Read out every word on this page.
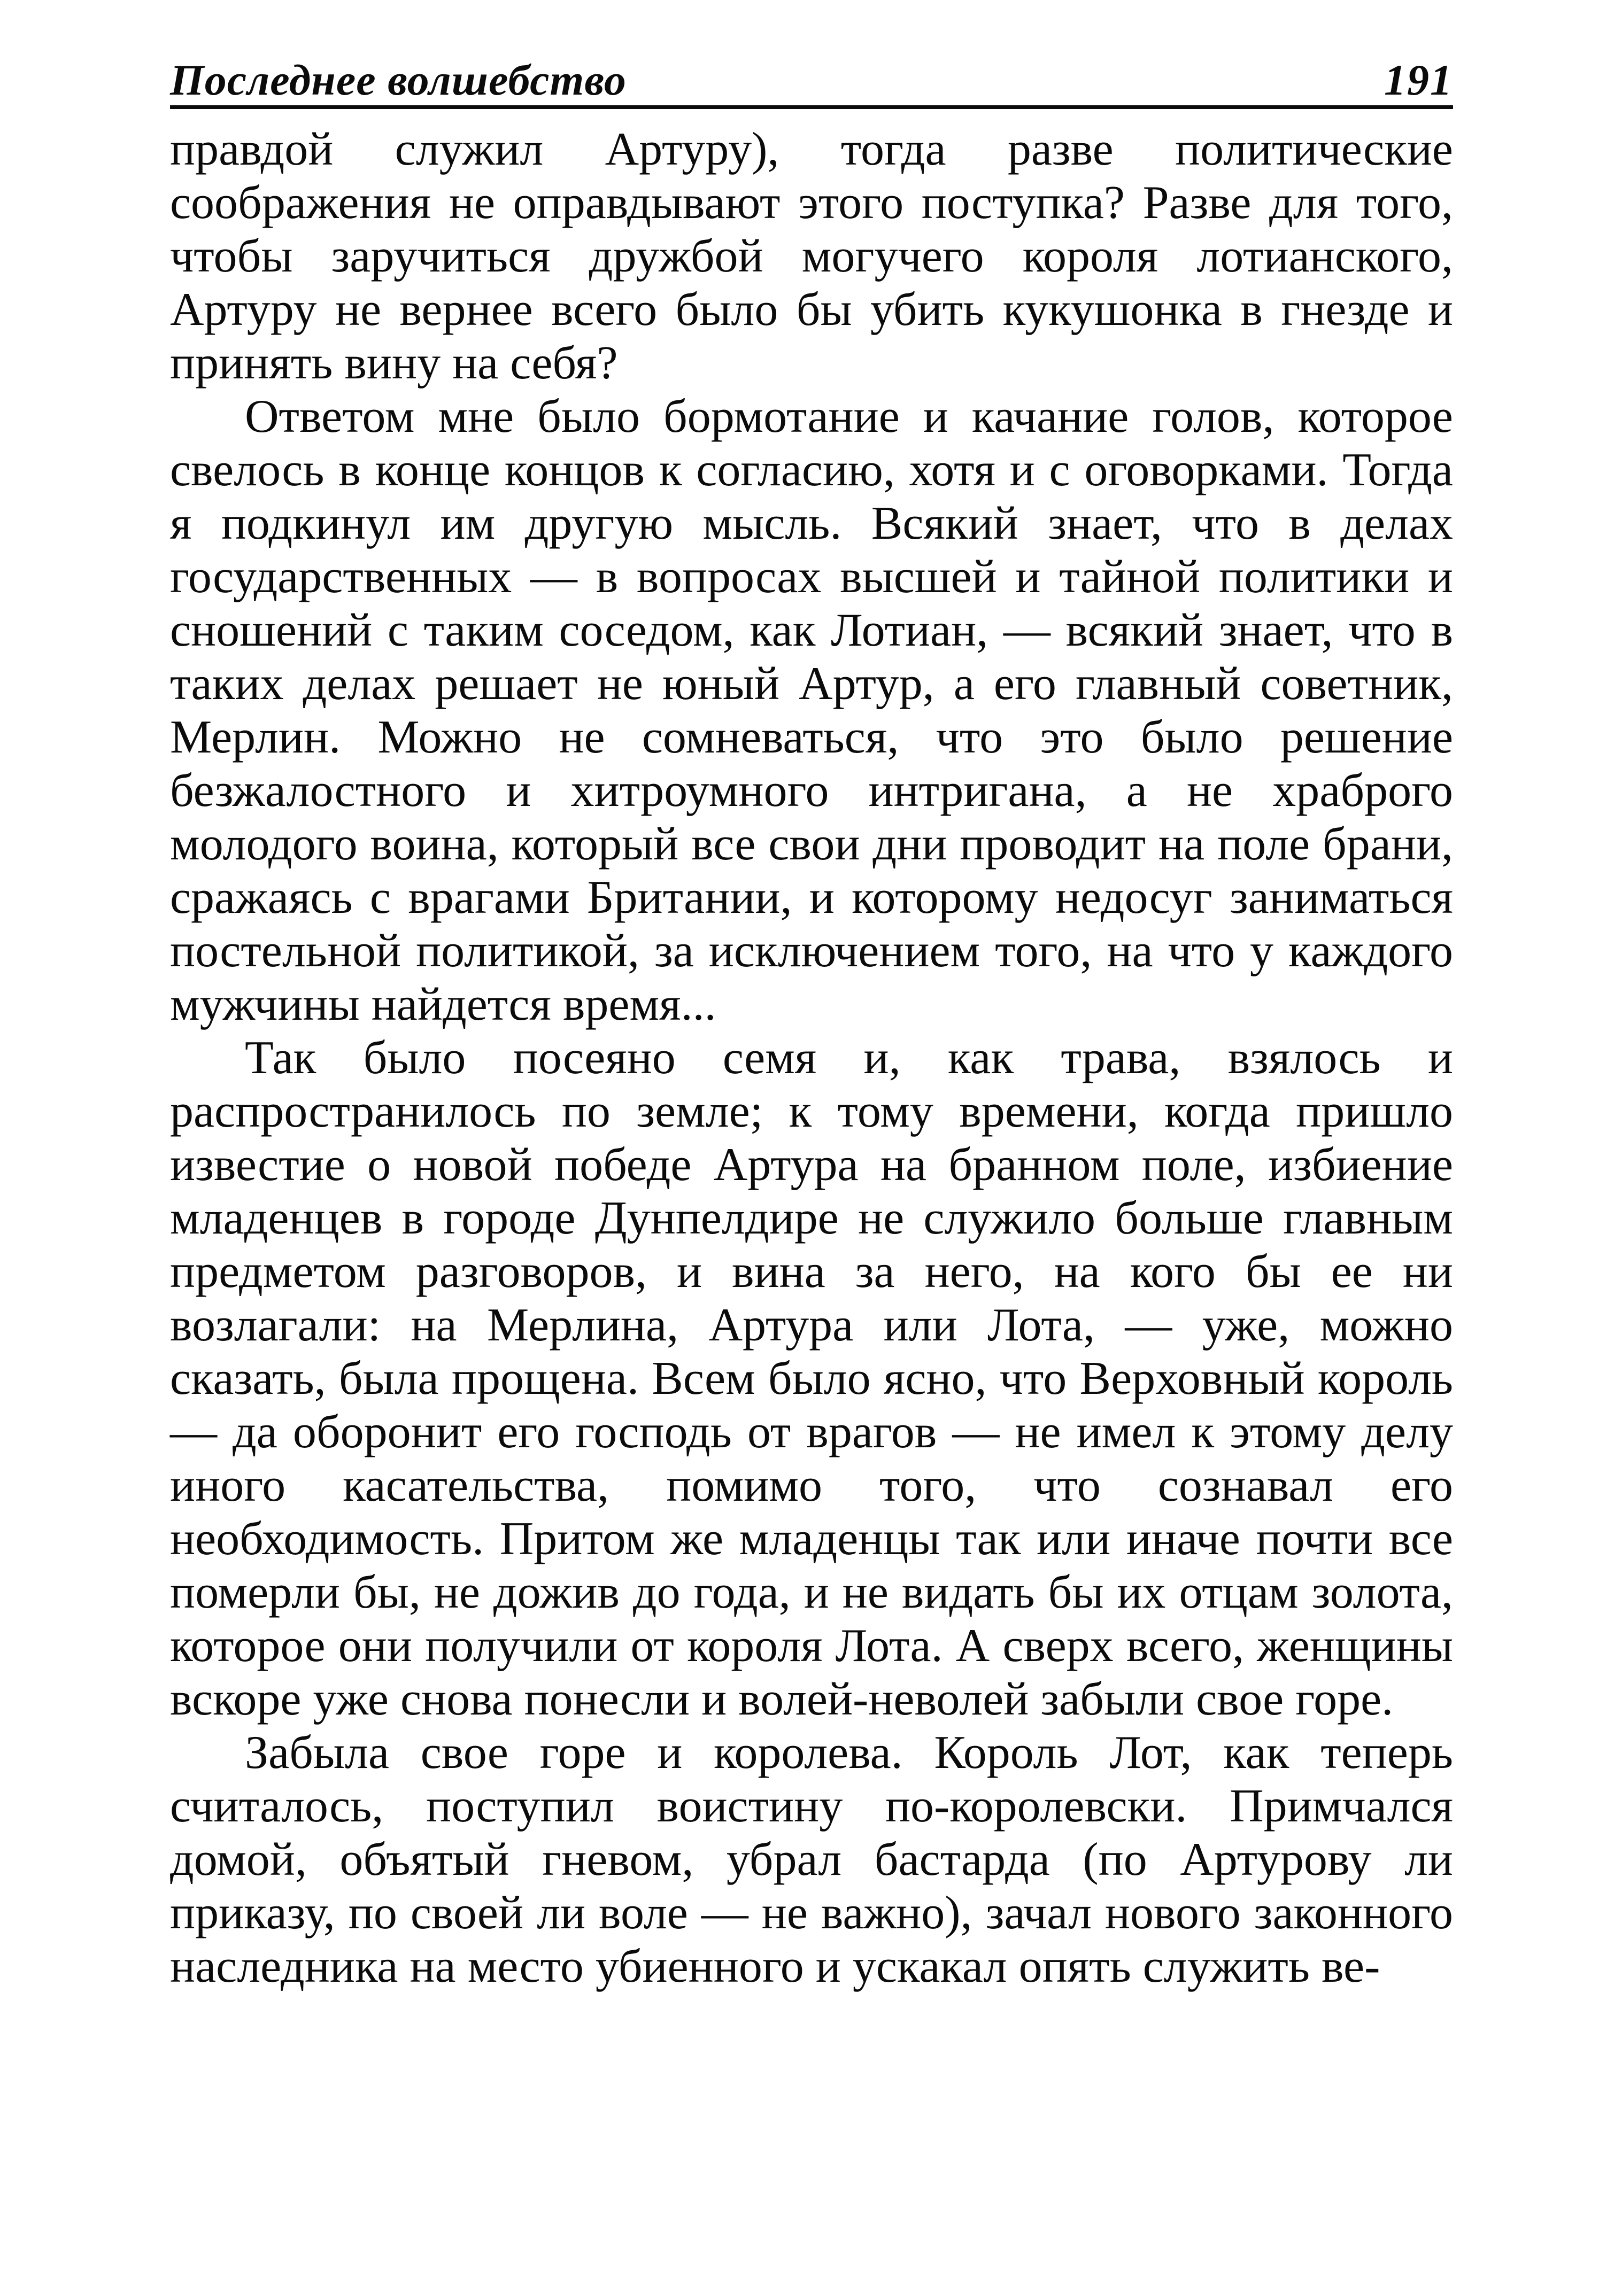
Последнее волшебство	191

правдой служил Артуру), тогда разве политические соображения не оправдывают этого поступка? Разве для того, чтобы заручиться дружбой могучего короля лотианского, Артуру не вернее всего было бы убить кукушонка в гнезде и принять вину на себя?

Ответом мне было бормотание и качание голов, которое свелось в конце концов к согласию, хотя и с оговорками. Тогда я подкинул им другую мысль. Всякий знает, что в делах государственных — в вопросах высшей и тайной политики и сношений с таким соседом, как Лотиан, — всякий знает, что в таких делах решает не юный Артур, а его главный советник, Мерлин. Можно не сомневаться, что это было решение безжалостного и хитроумного интригана, а не храброго молодого воина, который все свои дни проводит на поле брани, сражаясь с врагами Британии, и которому недосуг заниматься постельной политикой, за исключением того, на что у каждого мужчины найдется время...

Так было посеяно семя и, как трава, взялось и распространилось по земле; к тому времени, когда пришло известие о новой победе Артура на бранном поле, избиение младенцев в городе Дунпелдире не служило больше главным предметом разговоров, и вина за него, на кого бы ее ни возлагали: на Мерлина, Артура или Лота, — уже, можно сказать, была прощена. Всем было ясно, что Верховный король — да оборонит его господь от врагов — не имел к этому делу иного касательства, помимо того, что сознавал его необходимость. Притом же младенцы так или иначе почти все померли бы, не дожив до года, и не видать бы их отцам золота, которое они получили от короля Лота. А сверх всего, женщины вскоре уже снова понесли и волей-неволей забыли свое горе.

Забыла свое горе и королева. Король Лот, как теперь считалось, поступил воистину по-королевски. Примчался домой, объятый гневом, убрал бастарда (по Артурову ли приказу, по своей ли воле — не важно), зачал нового законного наследника на место убиенного и ускакал опять служить ве-
